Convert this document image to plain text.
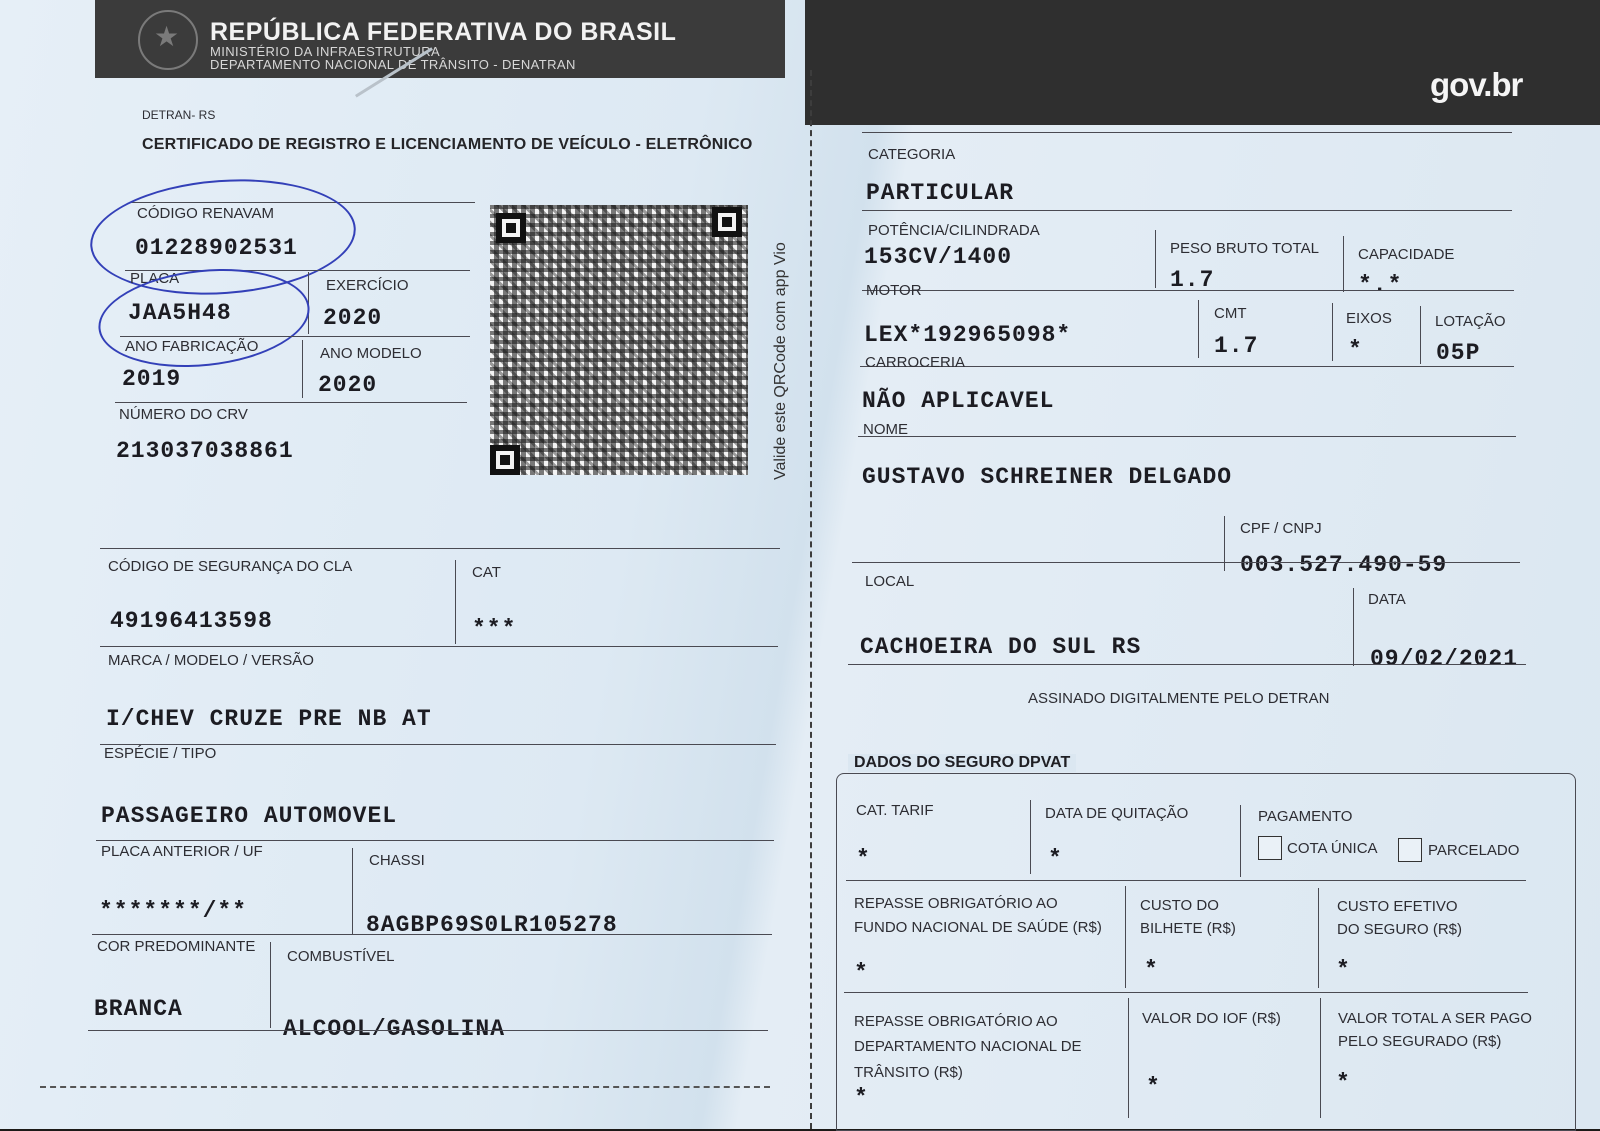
★
REPÚBLICA FEDERATIVA DO BRASIL
MINISTÉRIO DA INFRAESTRUTURA
DEPARTAMENTO NACIONAL DE TRÂNSITO - DENATRAN
gov.br
DETRAN- RS
CERTIFICADO DE REGISTRO E LICENCIAMENTO DE VEÍCULO - ELETRÔNICO
CÓDIGO RENAVAM
01228902531
PLACA
JAA5H48
EXERCÍCIO
2020
ANO FABRICAÇÃO
2019
ANO MODELO
2020
NÚMERO DO CRV
213037038861	Valide este QRCode com app Vio
CÓDIGO DE SEGURANÇA DO CLA
49196413598
CAT
***
MARCA / MODELO / VERSÃO
I/CHEV CRUZE PRE NB AT
ESPÉCIE / TIPO
PASSAGEIRO AUTOMOVEL
PLACA ANTERIOR / UF
*******/**
CHASSI
8AGBP69S0LR105278
COR PREDOMINANTE
BRANCA
COMBUSTÍVEL
ALCOOL/GASOLINA
CATEGORIA
PARTICULAR
POTÊNCIA/CILINDRADA
153CV/1400	PESO BRUTO TOTAL
1.7
CAPACIDADE
*.*
MOTOR
LEX*192965098*
CMT
1.7
EIXOS
*
LOTAÇÃO
05P
CARROCERIA
NÃO APLICAVEL
NOME
GUSTAVO SCHREINER DELGADO
CPF / CNPJ
003.527.490-59
LOCAL
CACHOEIRA DO SUL RS
DATA
09/02/2021
ASSINADO DIGITALMENTE PELO DETRAN
DADOS DO SEGURO DPVAT
CAT. TARIF
*
DATA DE QUITAÇÃO
*
PAGAMENTO
COTA ÚNICA	PARCELADO
REPASSE OBRIGATÓRIO AO
FUNDO NACIONAL DE SAÚDE (R$)
*
CUSTO DO
BILHETE (R$)
*
CUSTO EFETIVO
DO SEGURO (R$)
*
REPASSE OBRIGATÓRIO AO
DEPARTAMENTO NACIONAL DE
TRÂNSITO (R$)
*
VALOR DO IOF (R$)
*
VALOR TOTAL A SER PAGO
PELO SEGURADO (R$)
*
